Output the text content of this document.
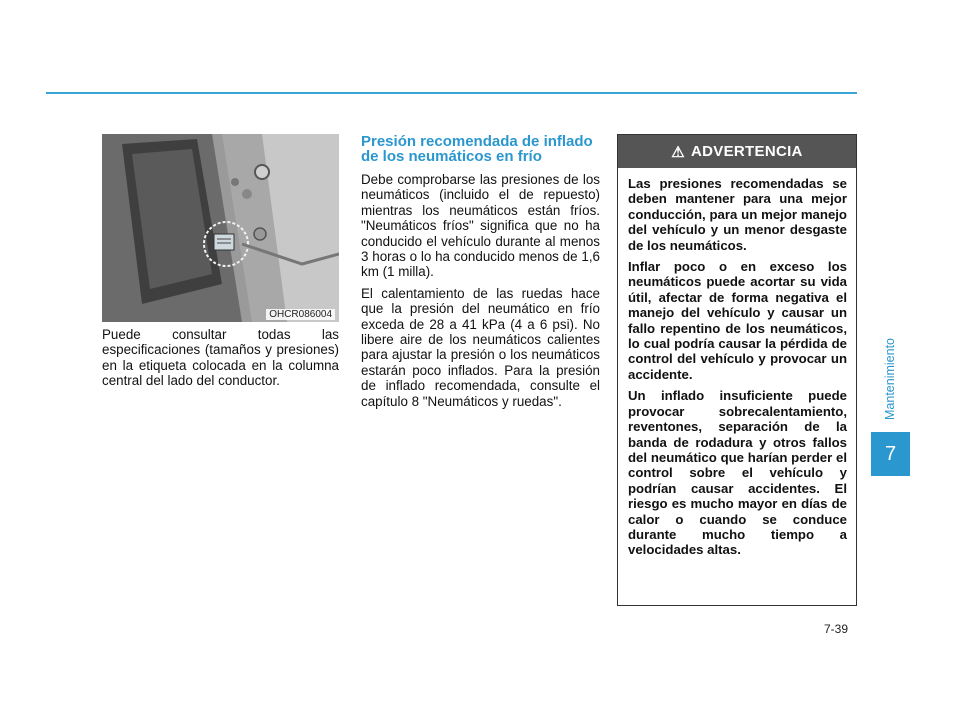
OHCR086004

Puede consultar todas las especificaciones (tamaños y presiones) en la etiqueta colocada en la columna central del lado del conductor.

Presión recomendada de inflado de los neumáticos en frío

Debe comprobarse las presiones de los neumáticos (incluido el de repuesto) mientras los neumáticos están fríos. "Neumáticos fríos" significa que no ha conducido el vehículo durante al menos 3 horas o lo ha conducido menos de 1,6 km (1 milla).

El calentamiento de las ruedas hace que la presión del neumático en frío exceda de 28 a 41 kPa (4 a 6 psi). No libere aire de los neumáticos calientes para ajustar la presión o los neumáticos estarán poco inflados. Para la presión de inflado recomendada, consulte el capítulo 8 "Neumáticos y ruedas".

⚠ ADVERTENCIA

Las presiones recomendadas se deben mantener para una mejor conducción, para un mejor manejo del vehículo y un menor desgaste de los neumáticos.

Inflar poco o en exceso los neumáticos puede acortar su vida útil, afectar de forma negativa el manejo del vehículo y causar un fallo repentino de los neumáticos, lo cual podría causar la pérdida de control del vehículo y provocar un accidente.

Un inflado insuficiente puede provocar sobrecalentamiento, reventones, separación de la banda de rodadura y otros fallos del neumático que harían perder el control sobre el vehículo y podrían causar accidentes. El riesgo es mucho mayor en días de calor o cuando se conduce durante mucho tiempo a velocidades altas.

Mantenimiento
7
7-39
